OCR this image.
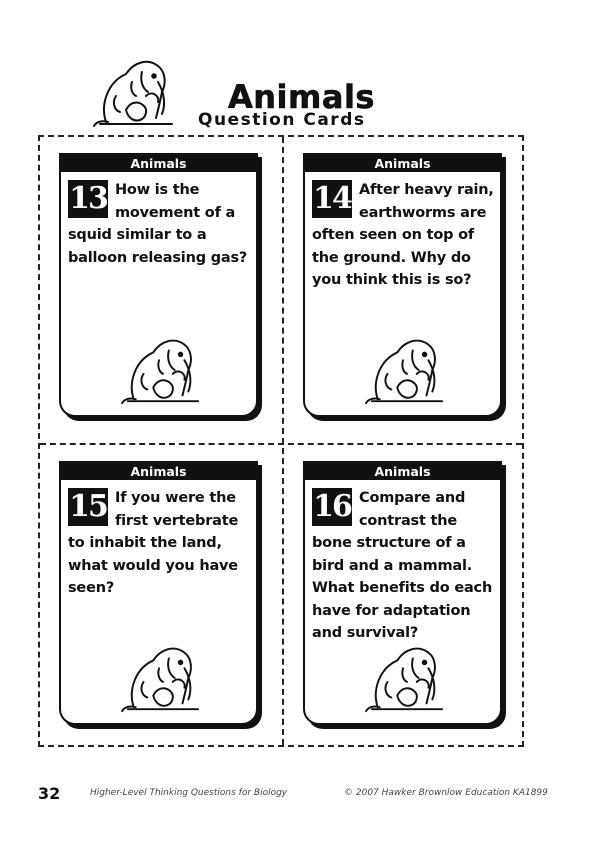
Animals
Question Cards
Animals
13 How is the movement of a squid similar to a balloon releasing gas?
Animals
14 After heavy rain, earthworms are often seen on top of the ground. Why do you think this is so?
Animals
15 If you were the first vertebrate to inhabit the land, what would you have seen?
Animals
16 Compare and contrast the bone structure of a bird and a mammal. What benefits do each have for adaptation and survival?
32	Higher-Level Thinking Questions for Biology	© 2007 Hawker Brownlow Education KA1899
